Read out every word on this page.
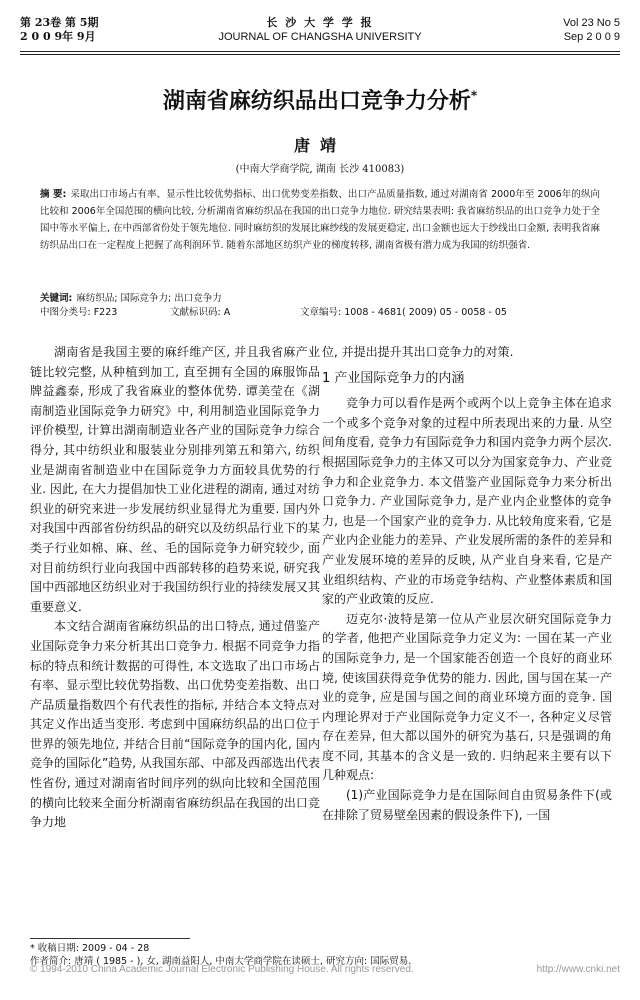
第 23卷 第 5期
2 0 0 9年 9月
长 沙 大 学 学 报
JOURNAL OF CHANGSHA UNIVERSITY
Vol 23 No 5
Sep 2 0 0 9
湖南省麻纺织品出口竞争力分析*
唐靖
(中南大学商学院, 湖南 长沙 410083)
摘 要: 采取出口市场占有率、显示性比较优势指标、出口优势变差指数、出口产品质量指数, 通过对湖南省 2000年至 2006年的纵向比较和 2006年全国范围的横向比较, 分析湖南省麻纺织品在我国的出口竞争力地位. 研究结果表明: 我省麻纺织品的出口竞争力处于全国中等水平偏上, 在中西部省份处于领先地位. 同时麻纺织的发展比麻纱线的发展更稳定, 出口金额也远大于纱线出口金额, 表明我省麻纺织品出口在一定程度上把握了高利润环节. 随着东部地区纺织产业的梯度转移, 湖南省极有潜力成为我国的纺织强省.
关键词: 麻纺织品; 国际竞争力; 出口竞争力
中图分类号: F223	文献标识码: A	文章编号: 1008 - 4681( 2009) 05 - 0058 - 05

湖南省是我国主要的麻纤维产区, 并且我省麻产业链比较完整, 从种植到加工, 直至拥有全国的麻服饰品牌益鑫泰, 形成了我省麻业的整体优势. 谭美莹在《湖南制造业国际竞争力研究》中, 利用制造业国际竞争力评价模型, 计算出湖南制造业各产业的国际竞争力综合得分, 其中纺织业和服装业分别排列第五和第六, 纺织业是湖南省制造业中在国际竞争力方面较具优势的行业. 因此, 在大力提倡加快工业化进程的湖南, 通过对纺织业的研究来进一步发展纺织业显得尤为重要. 国内外对我国中西部省份纺织品的研究以及纺织品行业下的某类子行业如棉、麻、丝、毛的国际竞争力研究较少, 面对目前纺织行业向我国中西部转移的趋势来说, 研究我国中西部地区纺织业对于我国纺织行业的持续发展又其重要意义.

本文结合湖南省麻纺织品的出口特点, 通过借鉴产业国际竞争力来分析其出口竞争力. 根据不同竞争力指标的特点和统计数据的可得性, 本文选取了出口市场占有率、显示型比较优势指数、出口优势变差指数、出口产品质量指数四个有代表性的指标, 并结合本文特点对其定义作出适当变形. 考虑到中国麻纺织品的出口位于世界的领先地位, 并结合目前“国际竞争的国内化, 国内竞争的国际化”趋势, 从我国东部、中部及西部选出代表性省份, 通过对湖南省时间序列的纵向比较和全国范围的横向比较来全面分析湖南省麻纺织品在我国的出口竞争力地

位, 并提出提升其出口竞争力的对策.

1 产业国际竞争力的内涵

竞争力可以看作是两个或两个以上竞争主体在追求一个或多个竞争对象的过程中所表现出来的力量. 从空间角度看, 竞争力有国际竞争力和国内竞争力两个层次. 根据国际竞争力的主体又可以分为国家竞争力、产业竞争力和企业竞争力. 本文借鉴产业国际竞争力来分析出口竞争力. 产业国际竞争力, 是产业内企业整体的竞争力, 也是一个国家产业的竞争力. 从比较角度来看, 它是产业内企业能力的差异、产业发展所需的条件的差异和产业发展环境的差异的反映, 从产业自身来看, 它是产业组织结构、产业的市场竞争结构、产业整体素质和国家的产业政策的反应.

迈克尔·波特是第一位从产业层次研究国际竞争力的学者, 他把产业国际竞争力定义为: 一国在某一产业的国际竞争力, 是一个国家能否创造一个良好的商业环境, 使该国获得竞争优势的能力. 因此, 国与国在某一产业的竞争, 应是国与国之间的商业环境方面的竞争. 国内理论界对于产业国际竞争力定义不一, 各种定义尽管存在差异, 但大都以国外的研究为基石, 只是强调的角度不同, 其基本的含义是一致的. 归纳起来主要有以下几种观点:

(1)产业国际竞争力是在国际间自由贸易条件下(或在排除了贸易壁垒因素的假设条件下), 一国

* 收稿日期: 2009 - 04 - 28
作者简介: 唐靖 ( 1985 - ), 女, 湖南益阳人, 中南大学商学院在读硕士, 研究方向: 国际贸易.
© 1994-2010 China Academic Journal Electronic Publishing House. All rights reserved.	http://www.cnki.net
